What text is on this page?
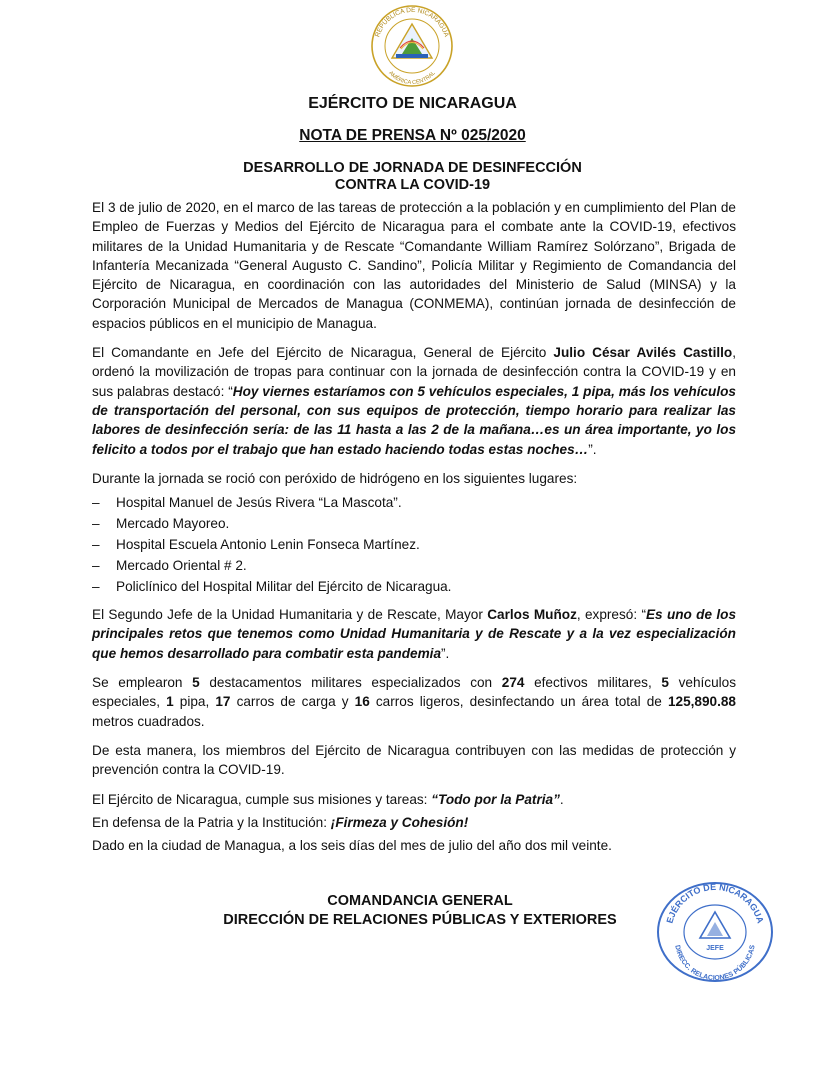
REPÚBLICA DE NICARAGUA
AMÉRICA CENTRAL
EJÉRCITO DE NICARAGUA
NOTA DE PRENSA Nº 025/2020
DESARROLLO DE JORNADA DE DESINFECCIÓN
CONTRA LA COVID-19

El 3 de julio de 2020, en el marco de las tareas de protección a la población y en cumplimiento del Plan de Empleo de Fuerzas y Medios del Ejército de Nicaragua para el combate ante la COVID-19, efectivos militares de la Unidad Humanitaria y de Rescate “Comandante William Ramírez Solórzano”, Brigada de Infantería Mecanizada “General Augusto C. Sandino”, Policía Militar y Regimiento de Comandancia del Ejército de Nicaragua, en coordinación con las autoridades del Ministerio de Salud (MINSA) y la Corporación Municipal de Mercados de Managua (CONMEMA), continúan jornada de desinfección de espacios públicos en el municipio de Managua.

El Comandante en Jefe del Ejército de Nicaragua, General de Ejército Julio César Avilés Castillo, ordenó la movilización de tropas para continuar con la jornada de desinfección contra la COVID-19 y en sus palabras destacó: “Hoy viernes estaríamos con 5 vehículos especiales, 1 pipa, más los vehículos de transportación del personal, con sus equipos de protección, tiempo horario para realizar las labores de desinfección sería: de las 11 hasta a las 2 de la mañana…es un área importante, yo los felicito a todos por el trabajo que han estado haciendo todas estas noches…”.

Durante la jornada se roció con peróxido de hidrógeno en los siguientes lugares:

– Hospital Manuel de Jesús Rivera “La Mascota”.
– Mercado Mayoreo.
– Hospital Escuela Antonio Lenin Fonseca Martínez.
– Mercado Oriental # 2.
– Policlínico del Hospital Militar del Ejército de Nicaragua.

El Segundo Jefe de la Unidad Humanitaria y de Rescate, Mayor Carlos Muñoz, expresó: “Es uno de los principales retos que tenemos como Unidad Humanitaria y de Rescate y a la vez especialización que hemos desarrollado para combatir esta pandemia”.

Se emplearon 5 destacamentos militares especializados con 274 efectivos militares, 5 vehículos especiales, 1 pipa, 17 carros de carga y 16 carros ligeros, desinfectando un área total de 125,890.88 metros cuadrados.

De esta manera, los miembros del Ejército de Nicaragua contribuyen con las medidas de protección y prevención contra la COVID-19.

El Ejército de Nicaragua, cumple sus misiones y tareas: “Todo por la Patria”.

En defensa de la Patria y la Institución: ¡Firmeza y Cohesión!

Dado en la ciudad de Managua, a los seis días del mes de julio del año dos mil veinte.

COMANDANCIA GENERAL
DIRECCIÓN DE RELACIONES PÚBLICAS Y EXTERIORES	EJÉRCITO DE NICARAGUA
DIRECC. RELACIONES PÚBLICAS
JEFE
